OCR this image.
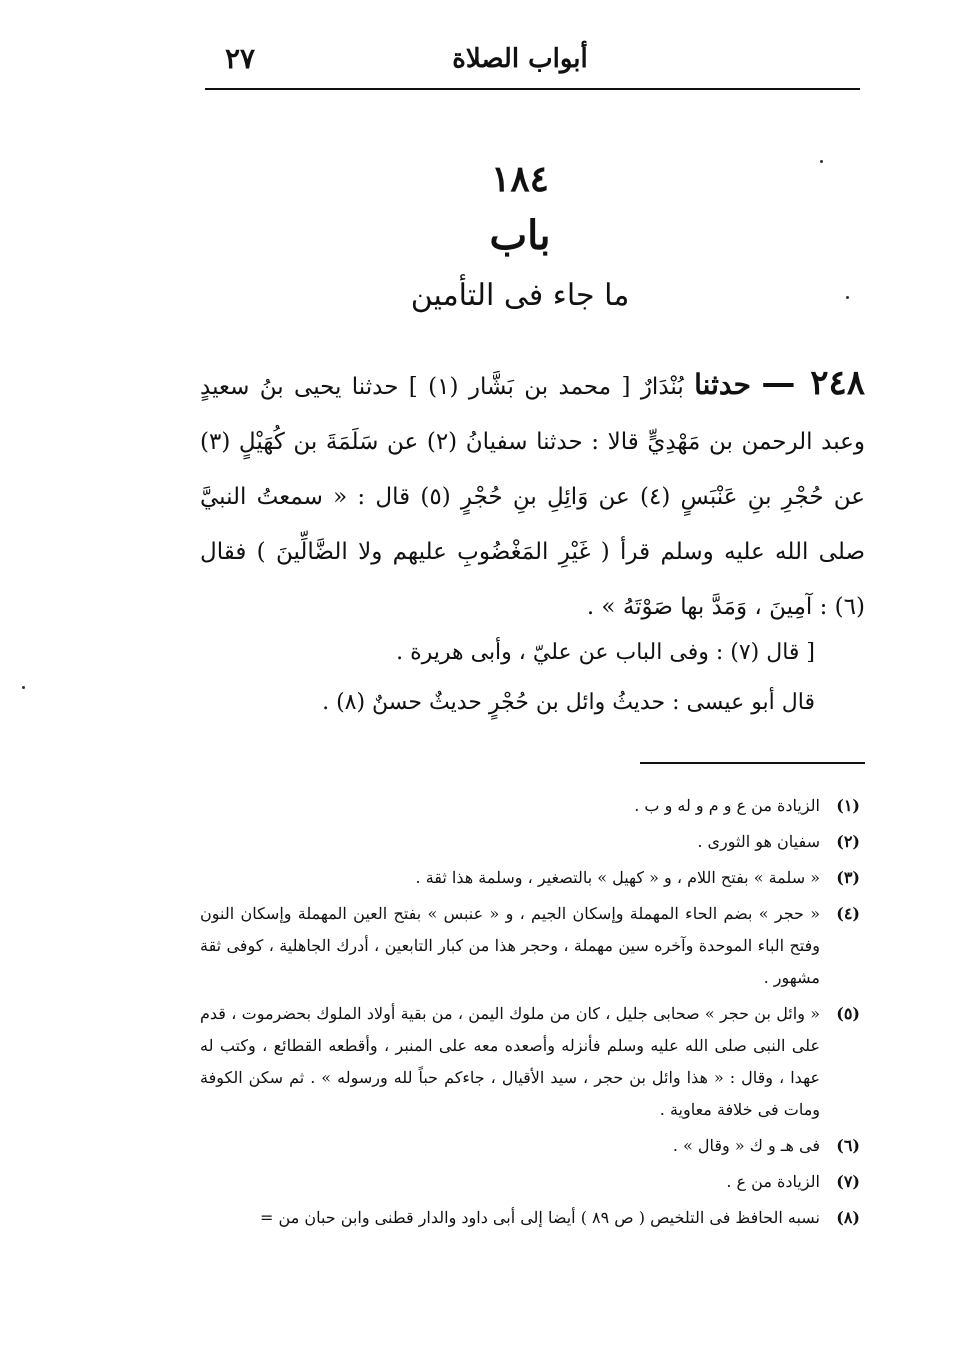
أبواب الصلاة
٢٧
١٨٤
باب
ما جاء فى التأمين
٢٤٨ — حدثنا بُنْدَارٌ [ محمد بن بَشَّار (١) ] حدثنا يحيى بنُ سعيدٍ وعبد الرحمن بن مَهْدِيٍّ قالا : حدثنا سفيانُ (٢) عن سَلَمَةَ بن كُهَيْلٍ (٣) عن حُجْرِ بنِ عَنْبَسٍ (٤) عن وَائِلِ بنِ حُجْرٍ (٥) قال : « سمعتُ النبيَّ صلى الله عليه وسلم قرأ ( غَيْرِ المَغْضُوبِ عليهم ولا الضَّالِّينَ ) فقال (٦) : آمِينَ ، وَمَدَّ بها صَوْتَهُ » .
[ قال (٧) : وفى الباب عن عليّ ، وأبى هريرة .
قال أبو عيسى : حديثُ وائل بن حُجْرٍ حديثٌ حسنٌ (٨) .
(١)
الزيادة من ع و م و له و ب .
(٢)
سفيان هو الثورى .
(٣)
« سلمة » بفتح اللام ، و « كهيل » بالتصغير ، وسلمة هذا ثقة .
(٤)
« حجر » بضم الحاء المهملة وإسكان الجيم ، و « عنبس » بفتح العين المهملة وإسكان النون وفتح الباء الموحدة وآخره سين مهملة ، وحجر هذا من كبار التابعين ، أدرك الجاهلية ، كوفى ثقة مشهور .
(٥)
« وائل بن حجر » صحابى جليل ، كان من ملوك اليمن ، من بقية أولاد الملوك بحضرموت ، قدم على النبى صلى الله عليه وسلم فأنزله وأصعده معه على المنبر ، وأقطعه القطائع ، وكتب له عهدا ، وقال : « هذا وائل بن حجر ، سيد الأقيال ، جاءكم حباً لله ورسوله » . ثم سكن الكوفة ومات فى خلافة معاوية .
(٦)
فى هـ و ك « وقال » .
(٧)
الزيادة من ع .
(٨)
نسبه الحافظ فى التلخيص ( ص ٨٩ ) أيضا إلى أبى داود والدار قطنى وابن حبان من =
